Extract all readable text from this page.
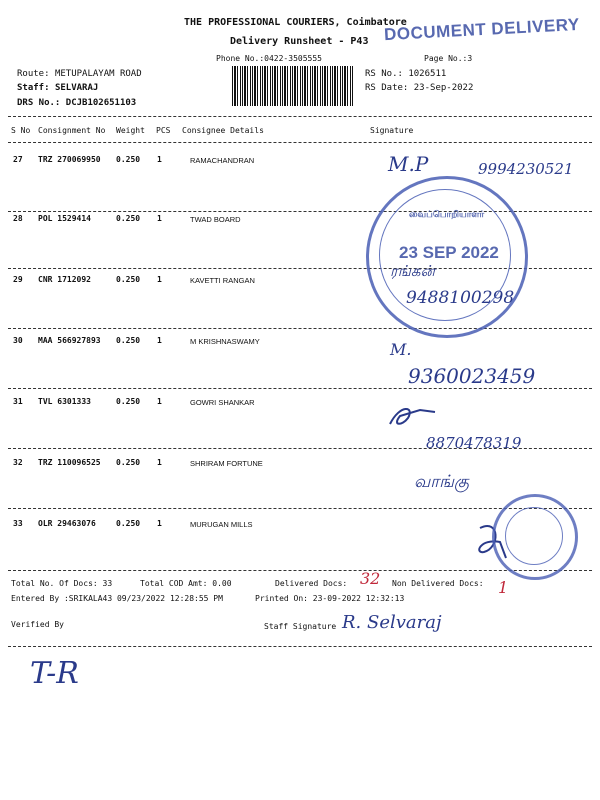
THE PROFESSIONAL COURIERS, Coimbatore
Delivery Runsheet - P43
Phone No.:0422-3505555	Page No.:3
DOCUMENT DELIVERY
Route: METUPALAYAM ROAD
Staff: SELVARAJ
DRS No.: DCJB102651103
RS No.: 1026511
RS Date: 23-Sep-2022
S No Consignment No Weight PCS Consignee Details	Signature
27 TRZ 270069950 0.250 1	RAMACHANDRAN
28 POL 1529414	0.250 1	TWAD BOARD
29 CNR 1712092	0.250 1	KAVETTI RANGAN
30 MAA 566927893 0.250 1	M KRISHNASWAMY
31 TVL 6301333	0.250 1	GOWRI SHANKAR
32 TRZ 110096525 0.250 1	SHRIRAM FORTUNE
33 OLR 29463076	0.250 1	MURUGAN MILLS
M.P	9994230521
ரங்கன்
9488100298
M.
9360023459
8870478319
வாங்கு
வைப்பொறியாளர்
23 SEP 2022
Total No. Of Docs: 33	Total COD Amt: 0.00	Delivered Docs: 32 Non Delivered Docs: 1
Entered By :SRIKALA43 09/23/2022 12:28:55 PM	Printed On: 23-09-2022 12:32:13
Verified By	Staff Signature R. Selvaraj
T-R
